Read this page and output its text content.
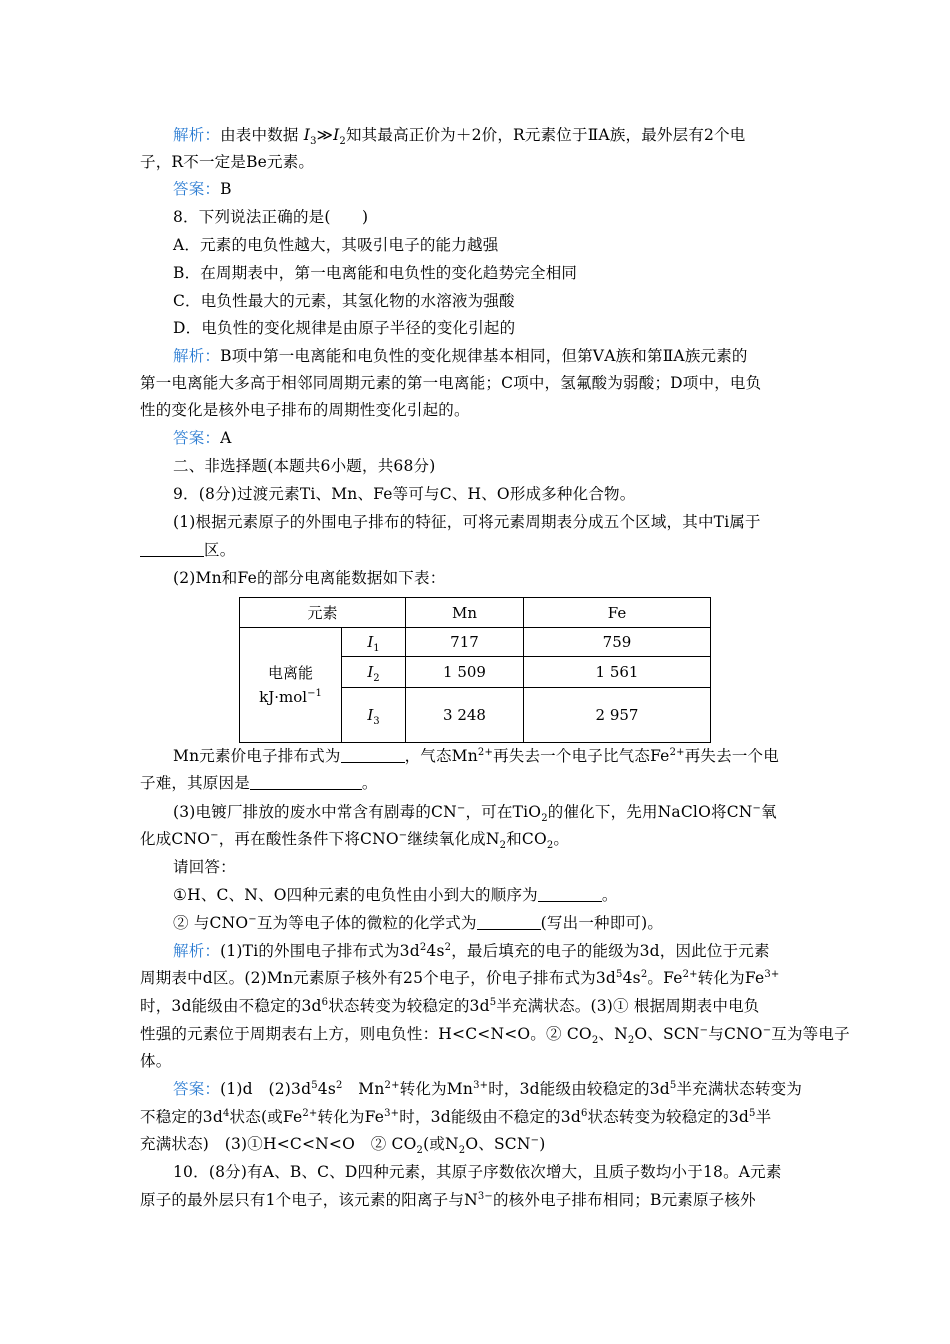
解析：由表中数据 $I_3≫I_2$知其最高正价为＋2价，R元素位于ⅡA族，最外层有2个电
子，R不一定是Be元素。
答案：B
8．下列说法正确的是(　　)
A．元素的电负性越大，其吸引电子的能力越强
B．在周期表中，第一电离能和电负性的变化趋势完全相同
C．电负性最大的元素，其氢化物的水溶液为强酸
D．电负性的变化规律是由原子半径的变化引起的
解析：B项中第一电离能和电负性的变化规律基本相同，但第ⅤA族和第ⅡA族元素的
第一电离能大多高于相邻同周期元素的第一电离能；C项中，氢氟酸为弱酸；D项中，电负
性的变化是核外电子排布的周期性变化引起的。
答案：A
二、非选择题(本题共6小题，共68分)
9．(8分)过渡元素Ti、Mn、Fe等可与C、H、O形成多种化合物。
(1)根据元素原子的外围电子排布的特征，可将元素周期表分成五个区域，其中Ti属于
区。
(2)Mn和Fe的部分电离能数据如下表：
元素		Mn	Fe
电离能
kJ·mol$^{-1}$	$I_1$	717	759
	$I_2$	1 509	1 561
	$I_3$	3 248	2 957
Mn元素价电子排布式为	，气态$Mn^{2+}$再失去一个电子比气态$Fe^{2+}$再失去一个电
子难，其原因是	。
(3)电镀厂排放的废水中常含有剧毒的CN−，可在TiO$_2$的催化下，先用NaClO将CN−氧
化成CNO−，再在酸性条件下将CNO−继续氧化成$N_2$和$CO_2$。
请回答：
①H、C、N、O四种元素的电负性由小到大的顺序为	。
② 与CNO−互为等电子体的微粒的化学式为	(写出一种即可)。
解析：(1)Ti的外围电子排布式为$3d^24s^2$，最后填充的电子的能级为3d，因此位于元素
周期表中d区。(2)Mn元素原子核外有25个电子，价电子排布式为$3d^54s^2$。$Fe^{2+}$转化为$Fe^{3+}$
时，3d能级由不稳定的$3d^6$状态转变为较稳定的$3d^5$半充满状态。(3)① 根据周期表中电负
性强的元素位于周期表右上方，则电负性：H<C<N<O。② $CO_2$、$N_2O$、SCN−与CNO−互为等电子
体。
答案：(1)d　$(2)3d^54s^2$　$Mn^{2+}$转化为$Mn^{3+}$时，3d能级由较稳定的$3d^5$半充满状态转变为
不稳定的$3d^4$状态(或$Fe^{2+}$转化为$Fe^{3+}$时，3d能级由不稳定的$3d^6$状态转变为较稳定的$3d^5$半
充满状态)　(3)①H<C<N<O　② $CO_2$(或$N_2O$、SCN−)
10．(8分)有A、B、C、D四种元素，其原子序数依次增大，且质子数均小于18。A元素
原子的最外层只有1个电子，该元素的阳离子与$N^{3-}$的核外电子排布相同；B元素原子核外
